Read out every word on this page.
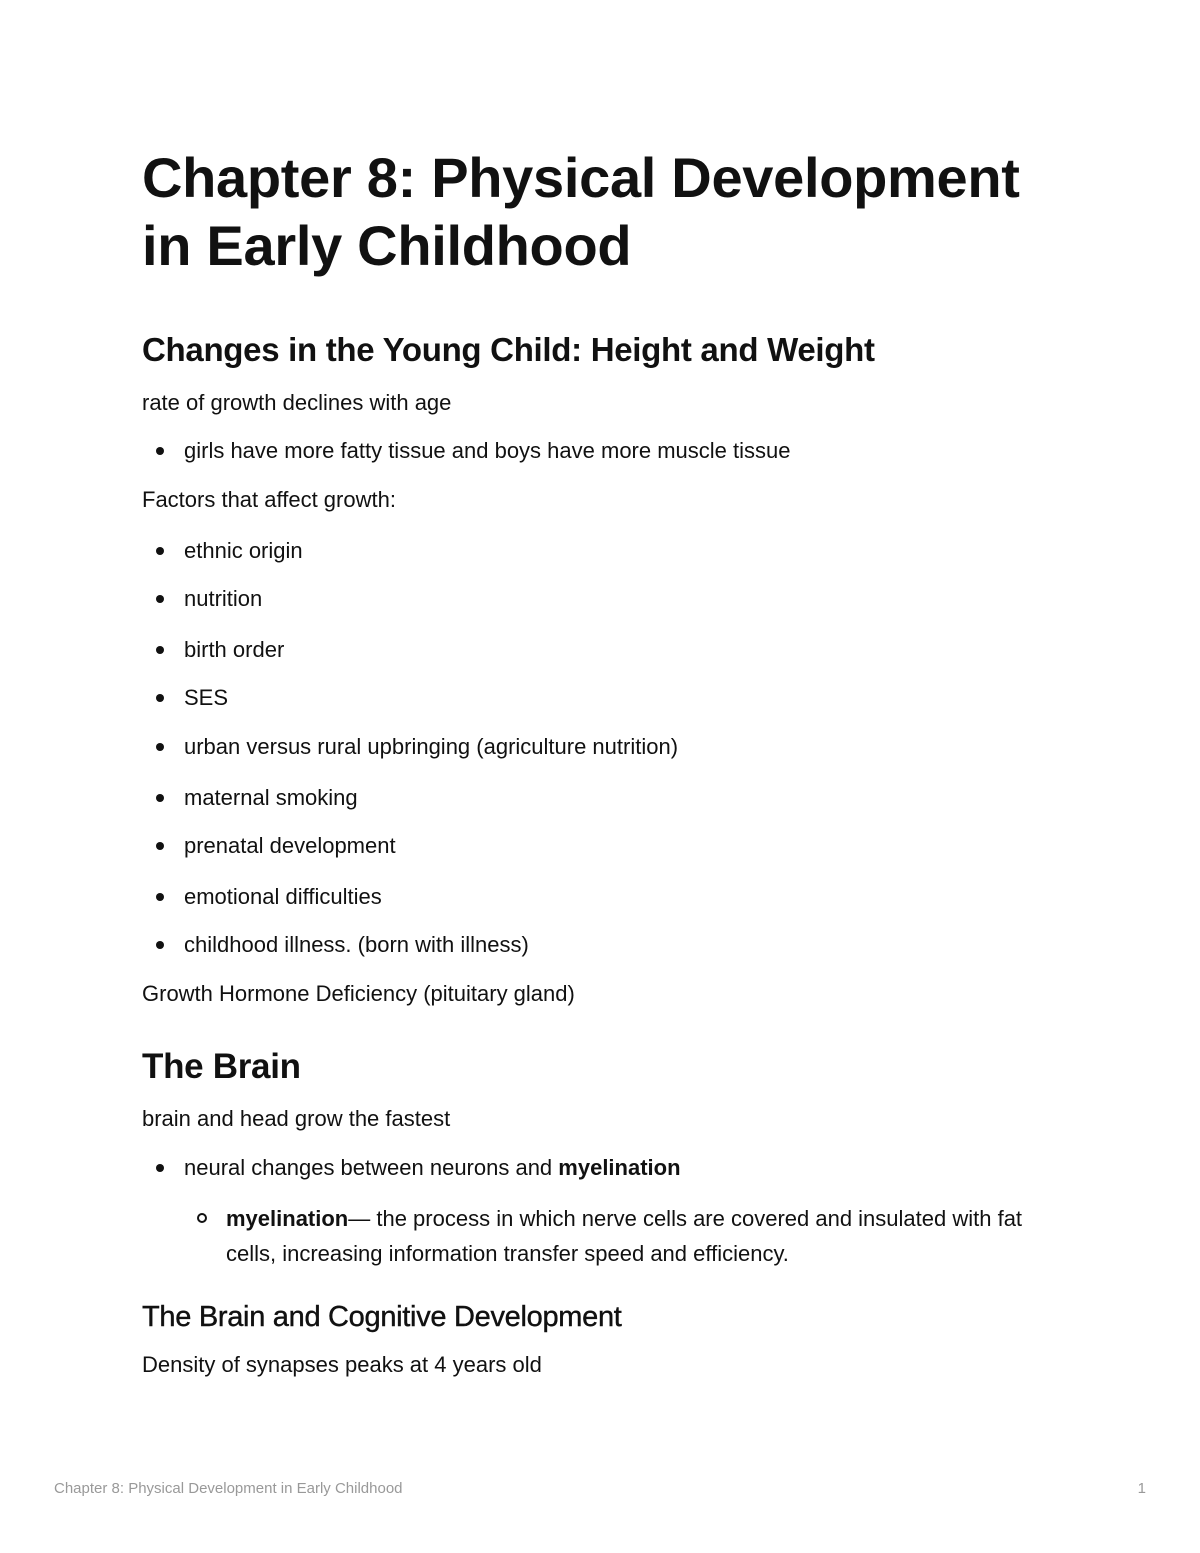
Chapter 8: Physical Development in Early Childhood
Changes in the Young Child: Height and Weight

rate of growth declines with age

girls have more fatty tissue and boys have more muscle tissue

Factors that affect growth:

ethnic origin

nutrition

birth order

SES

urban versus rural upbringing (agriculture nutrition)

maternal smoking

prenatal development

emotional difficulties

childhood illness. (born with illness)

Growth Hormone Deficiency (pituitary gland)

The Brain

brain and head grow the fastest

neural changes between neurons and myelination

myelination— the process in which nerve cells are covered and insulated with fat cells, increasing information transfer speed and efficiency.

The Brain and Cognitive Development

Density of synapses peaks at 4 years old

Chapter 8: Physical Development in Early Childhood	1
